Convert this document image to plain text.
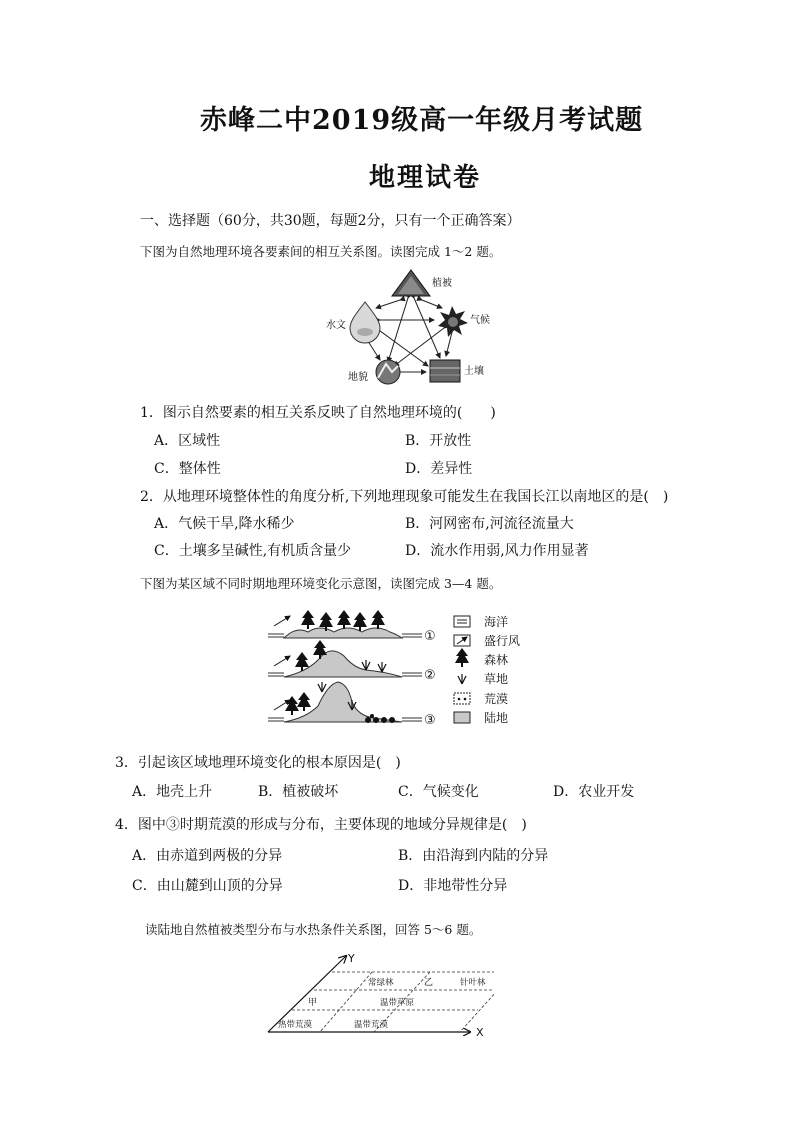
赤峰二中2019级高一年级月考试题
地理试卷
一、选择题（60分，共30题，每题2分，只有一个正确答案）
下图为自然地理环境各要素间的相互关系图。读图完成 1～2 题。
植被
水文	气候
地貌
土壤
1．图示自然要素的相互关系反映了自然地理环境的(　　)
A．区域性	B．开放性
C．整体性	D．差异性
2．从地理环境整体性的角度分析,下列地理现象可能发生在我国长江以南地区的是(　)
A．气候干旱,降水稀少	B．河网密布,河流径流量大
C．土壤多呈碱性,有机质含量少	D．流水作用弱,风力作用显著
下图为某区域不同时期地理环境变化示意图，读图完成 3—4 题。
①
②
③
海洋
盛行风
森林
草地
荒漠
陆地
3．引起该区域地理环境变化的根本原因是(　)
A．地壳上升	B．植被破坏	C．气候变化	D．农业开发
4．图中③时期荒漠的形成与分布，主要体现的地域分异规律是(　)
A．由赤道到两极的分异	B．由沿海到内陆的分异
C．由山麓到山顶的分异	D．非地带性分异
读陆地自然植被类型分布与水热条件关系图，回答 5～6 题。
Y
X
常绿林	乙	针叶林
甲	温带草原
热带荒漠	温带荒漠
